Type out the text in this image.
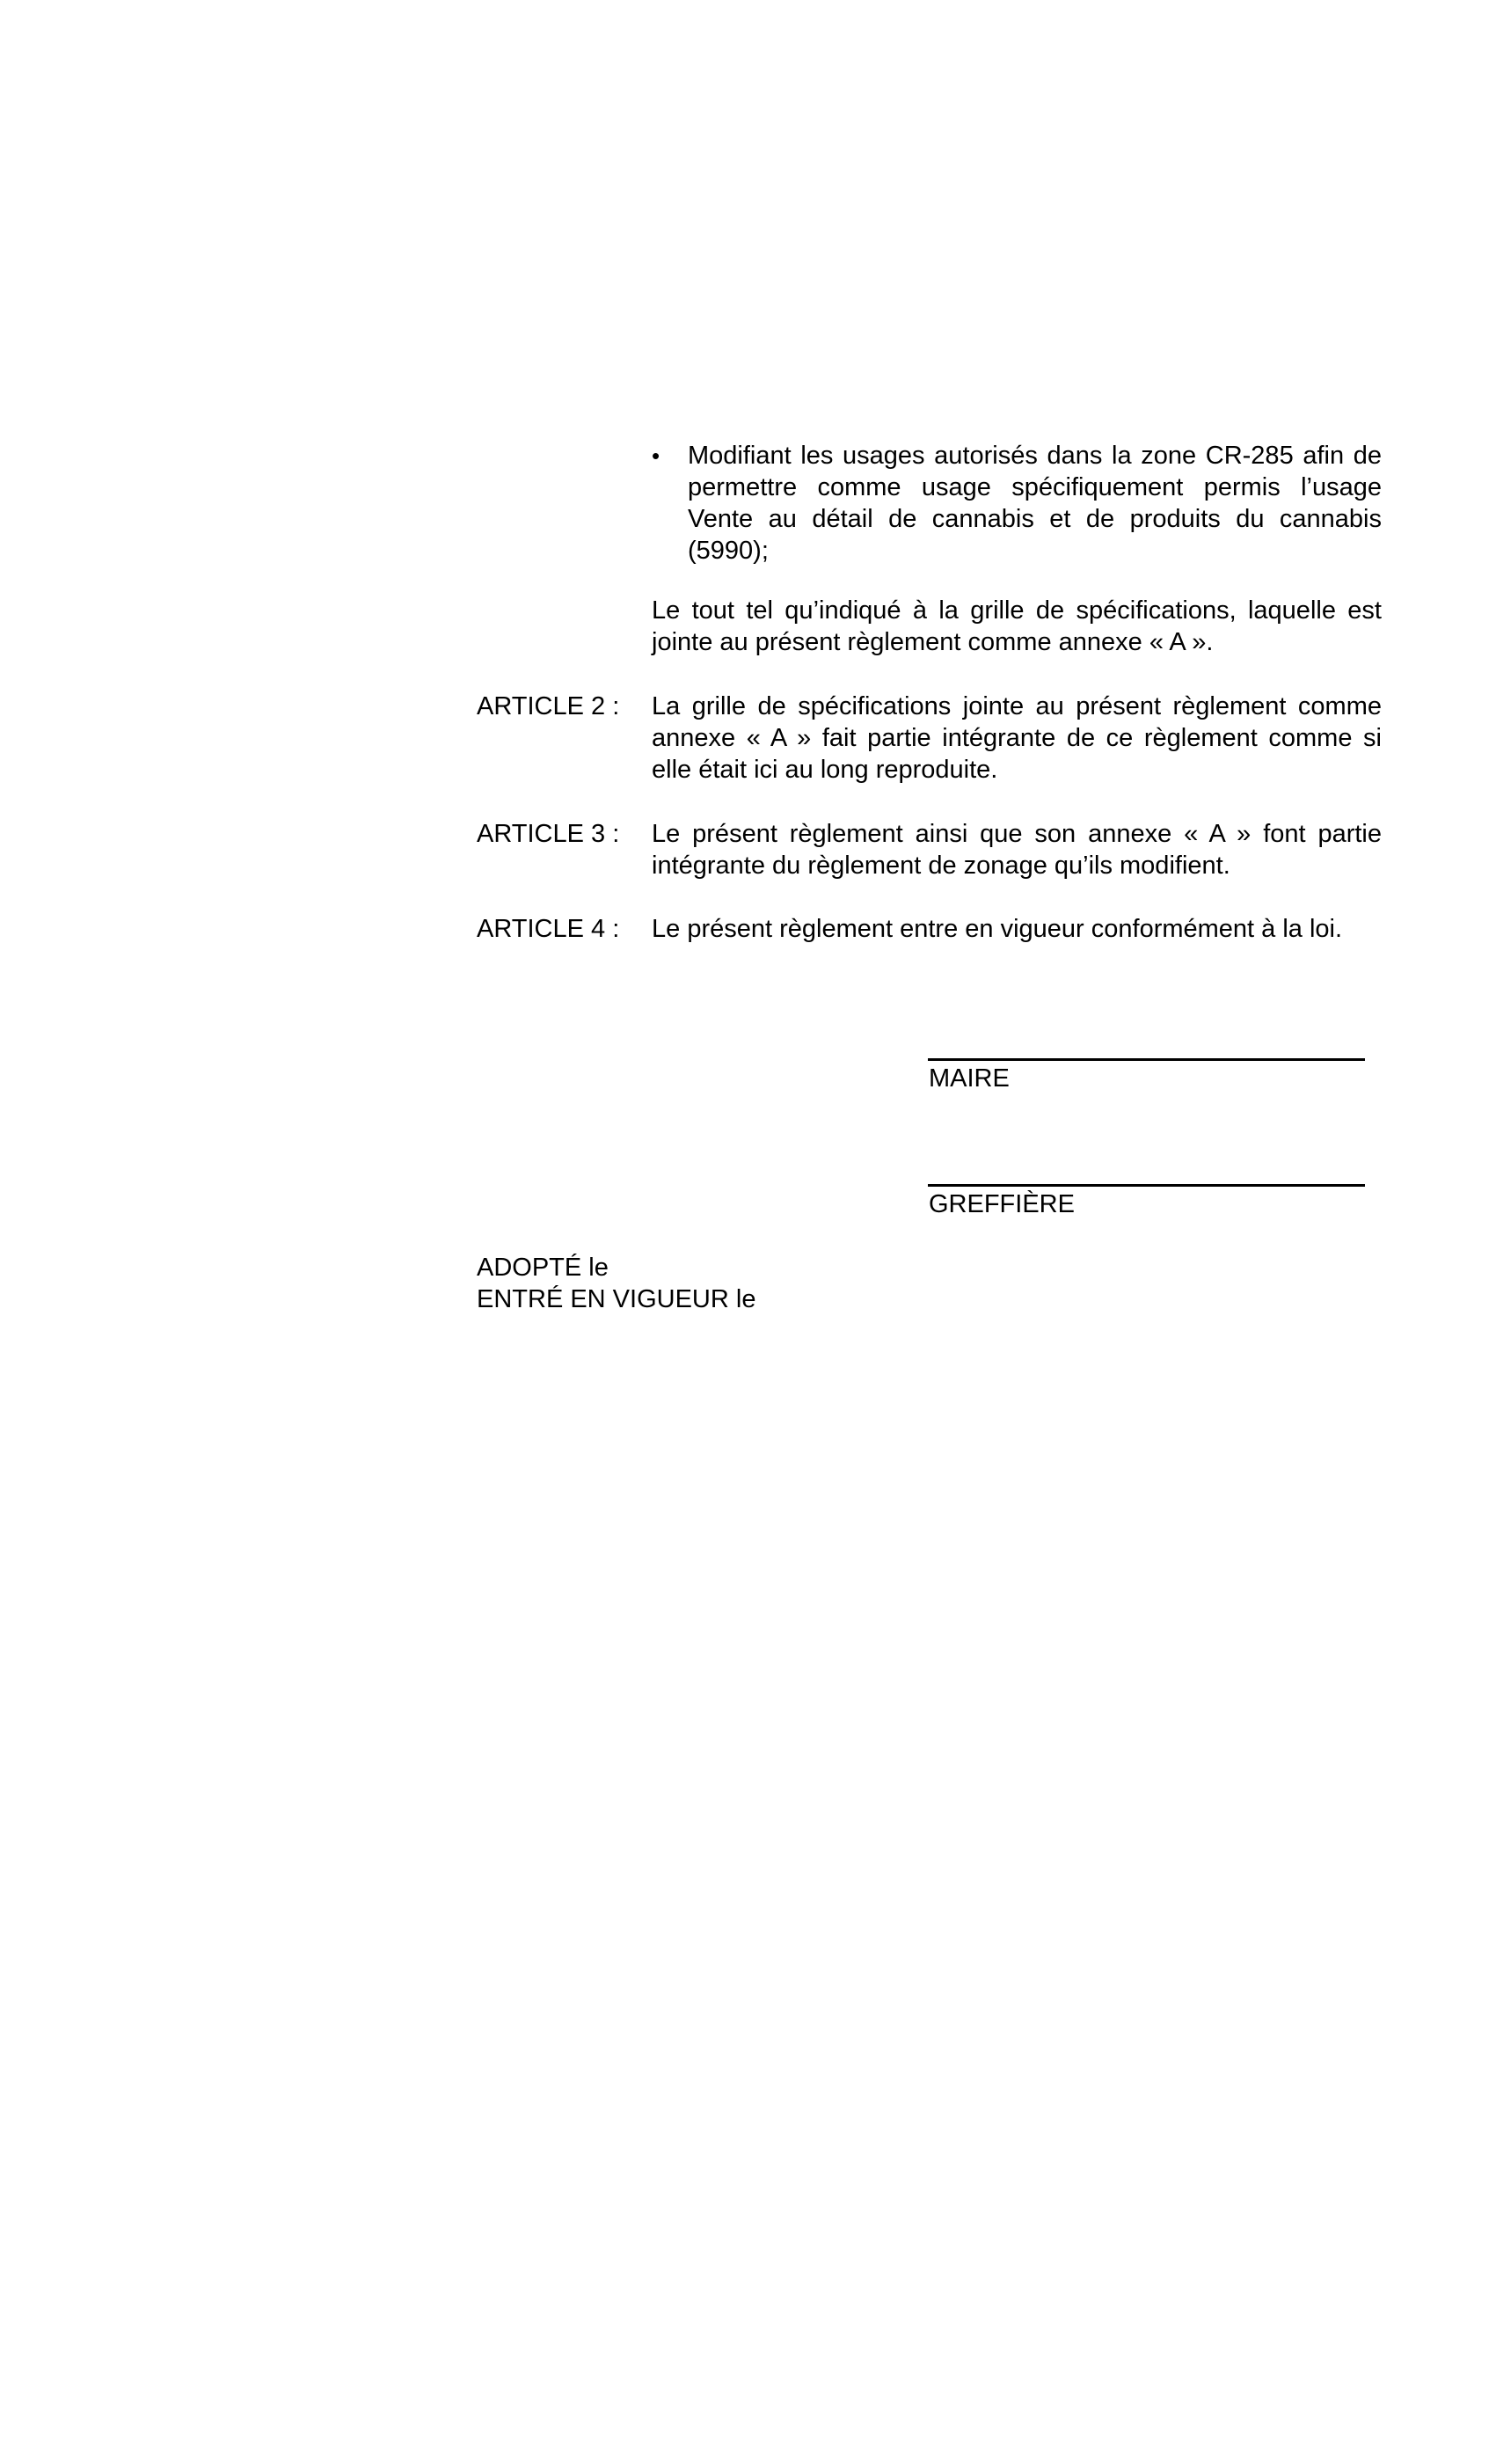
•	Modifiant les usages autorisés dans la zone CR-285 afin de permettre comme usage spécifiquement permis l’usage Vente au détail de cannabis et de produits du cannabis (5990);
Le tout tel qu’indiqué à la grille de spécifications, laquelle est jointe au présent règlement comme annexe « A ».
ARTICLE 2 :	La grille de spécifications jointe au présent règlement comme annexe « A » fait partie intégrante de ce règlement comme si elle était ici au long reproduite.
ARTICLE 3 :	Le présent règlement ainsi que son annexe « A » font partie intégrante du règlement de zonage qu’ils modifient.
ARTICLE 4 :	Le présent règlement entre en vigueur conformément à la loi.
MAIRE
GREFFIÈRE
ADOPTÉ le
ENTRÉ EN VIGUEUR le
